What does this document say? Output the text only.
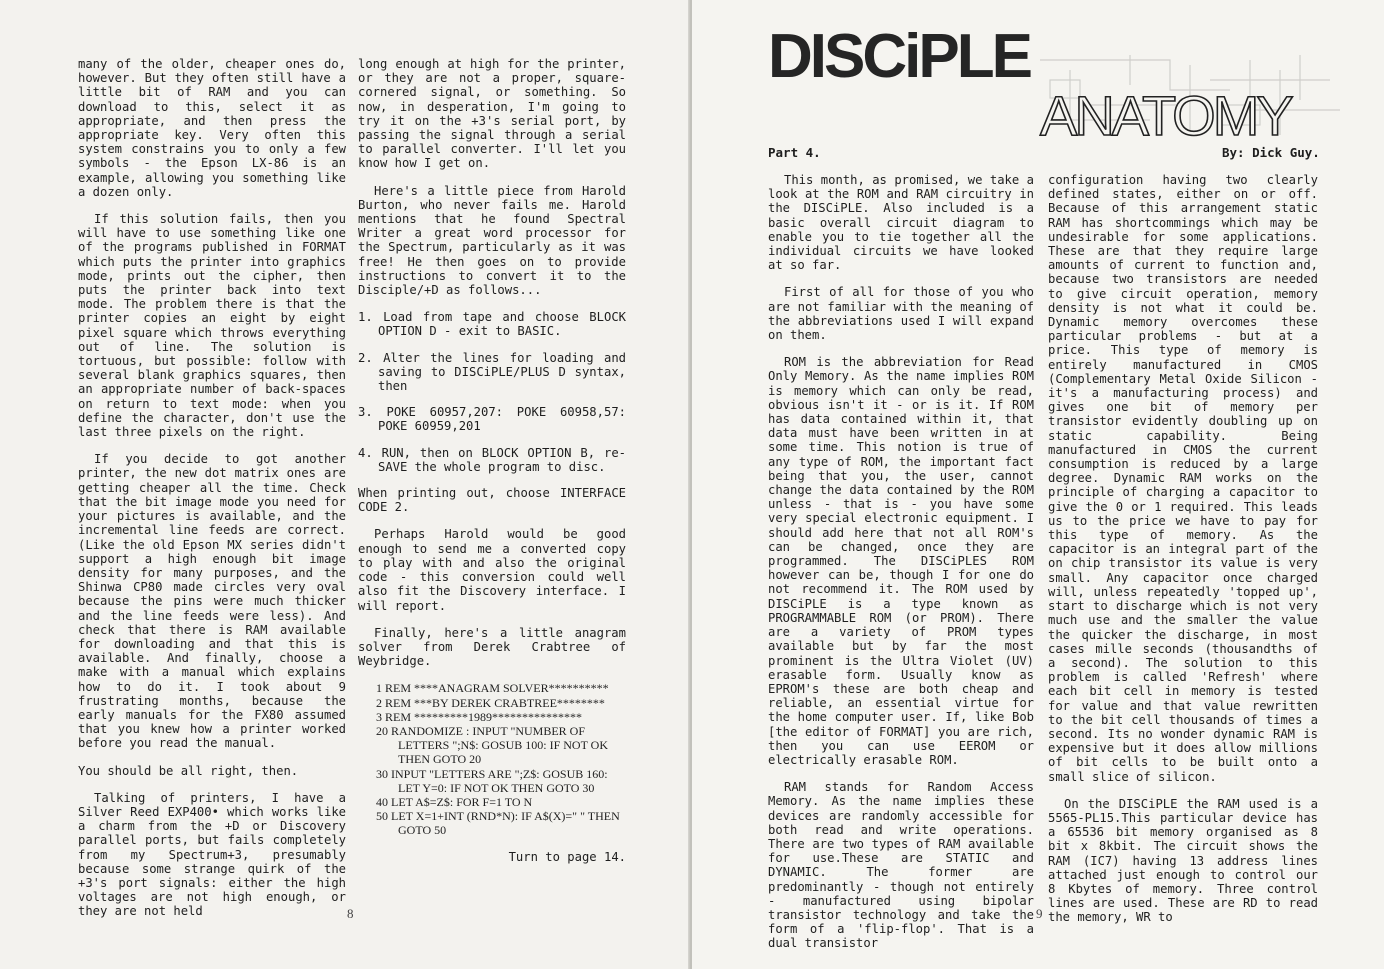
many of the older, cheaper ones do, however. But they often still have a little bit of RAM and you can download to this, select it as appropriate, and then press the appropriate key. Very often this system constrains you to only a few symbols - the Epson LX-86 is an example, allowing you something like a dozen only.

If this solution fails, then you will have to use something like one of the programs published in FORMAT which puts the printer into graphics mode, prints out the cipher, then puts the printer back into text mode. The problem there is that the printer copies an eight by eight pixel square which throws everything out of line. The solution is tortuous, but possible: follow with several blank graphics squares, then an appropriate number of back-spaces on return to text mode: when you define the character, don't use the last three pixels on the right.

If you decide to got another printer, the new dot matrix ones are getting cheaper all the time. Check that the bit image mode you need for your pictures is available, and the incremental line feeds are correct. (Like the old Epson MX series didn't support a high enough bit image density for many purposes, and the Shinwa CP80 made circles very oval because the pins were much thicker and the line feeds were less). And check that there is RAM available for downloading and that this is available. And finally, choose a make with a manual which explains how to do it. I took about 9 frustrating months, because the early manuals for the FX80 assumed that you knew how a printer worked before you read the manual.

You should be all right, then.

Talking of printers, I have a Silver Reed EXP400• which works like a charm from the +D or Discovery parallel ports, but fails completely from my Spectrum+3, presumably because some strange quirk of the +3's port signals: either the high voltages are not high enough, or they are not held

long enough at high for the printer, or they are not a proper, square-cornered signal, or something. So now, in desperation, I'm going to try it on the +3's serial port, by passing the signal through a serial to parallel converter. I'll let you know how I get on.

Here's a little piece from Harold Burton, who never fails me. Harold mentions that he found Spectral Writer a great word processor for the Spectrum, particularly as it was free! He then goes on to provide instructions to convert it to the Disciple/+D as follows...

1. Load from tape and choose BLOCK OPTION D - exit to BASIC.

2. Alter the lines for loading and saving to DISCiPLE/PLUS D syntax, then

3. POKE 60957,207: POKE 60958,57: POKE 60959,201

4. RUN, then on BLOCK OPTION B, re-SAVE the whole program to disc.

When printing out, choose INTERFACE CODE 2.

Perhaps Harold would be good enough to send me a converted copy to play with and also the original code - this conversion could well also fit the Discovery interface. I will report.

Finally, here's a little anagram solver from Derek Crabtree of Weybridge.

1 REM ****ANAGRAM SOLVER**********
2 REM ***BY DEREK CRABTREE********
3 REM *********1989***************
20 RANDOMIZE : INPUT "NUMBER OF LETTERS ";N$: GOSUB 100: IF NOT OK THEN GOTO 20
30 INPUT "LETTERS ARE ";Z$: GOSUB 160: LET Y=0: IF NOT OK THEN GOTO 30
40 LET A$=Z$: FOR F=1 TO N
50 LET X=1+INT (RND*N): IF A$(X)=" " THEN GOTO 50

Turn to page 14.

8
DISCiPLE
ANATOMY
Part 4.	By: Dick Guy.

This month, as promised, we take a look at the ROM and RAM circuitry in the DISCiPLE. Also included is a basic overall circuit diagram to enable you to tie together all the individual circuits we have looked at so far.

First of all for those of you who are not familiar with the meaning of the abbreviations used I will expand on them.

ROM is the abbreviation for Read Only Memory. As the name implies ROM is memory which can only be read, obvious isn't it - or is it. If ROM has data contained within it, that data must have been written in at some time. This notion is true of any type of ROM, the important fact being that you, the user, cannot change the data contained by the ROM unless - that is - you have some very special electronic equipment. I should add here that not all ROM's can be changed, once they are programmed. The DISCiPLES ROM however can be, though I for one do not recommend it. The ROM used by DISCiPLE is a type known as PROGRAMMABLE ROM (or PROM). There are a variety of PROM types available but by far the most prominent is the Ultra Violet (UV) erasable form. Usually know as EPROM's these are both cheap and reliable, an essential virtue for the home computer user. If, like Bob [the editor of FORMAT] you are rich, then you can use EEROM or electrically erasable ROM.

RAM stands for Random Access Memory. As the name implies these devices are randomly accessible for both read and write operations. There are two types of RAM available for use.These are STATIC and DYNAMIC. The former are predominantly - though not entirely - manufactured using bipolar transistor technology and take the form of a 'flip-flop'. That is a dual transistor

configuration having two clearly defined states, either on or off. Because of this arrangement static RAM has shortcommings which may be undesirable for some applications. These are that they require large amounts of current to function and, because two transistors are needed to give circuit operation, memory density is not what it could be. Dynamic memory overcomes these particular problems - but at a price. This type of memory is entirely manufactured in CMOS (Complementary Metal Oxide Silicon - it's a manufacturing process) and gives one bit of memory per transistor evidently doubling up on static capability. Being manufactured in CMOS the current consumption is reduced by a large degree. Dynamic RAM works on the principle of charging a capacitor to give the 0 or 1 required. This leads us to the price we have to pay for this type of memory. As the capacitor is an integral part of the on chip transistor its value is very small. Any capacitor once charged will, unless repeatedly 'topped up', start to discharge which is not very much use and the smaller the value the quicker the discharge, in most cases mille seconds (thousandths of a second). The solution to this problem is called 'Refresh' where each bit cell in memory is tested for value and that value rewritten to the bit cell thousands of times a second. Its no wonder dynamic RAM is expensive but it does allow millions of bit cells to be built onto a small slice of silicon.

On the DISCiPLE the RAM used is a 5565-PL15.This particular device has a 65536 bit memory organised as 8 bit x 8kbit. The circuit shows the RAM (IC7) having 13 address lines attached just enough to control our 8 Kbytes of memory. Three control lines are used. These are RD to read the memory, WR to

9
